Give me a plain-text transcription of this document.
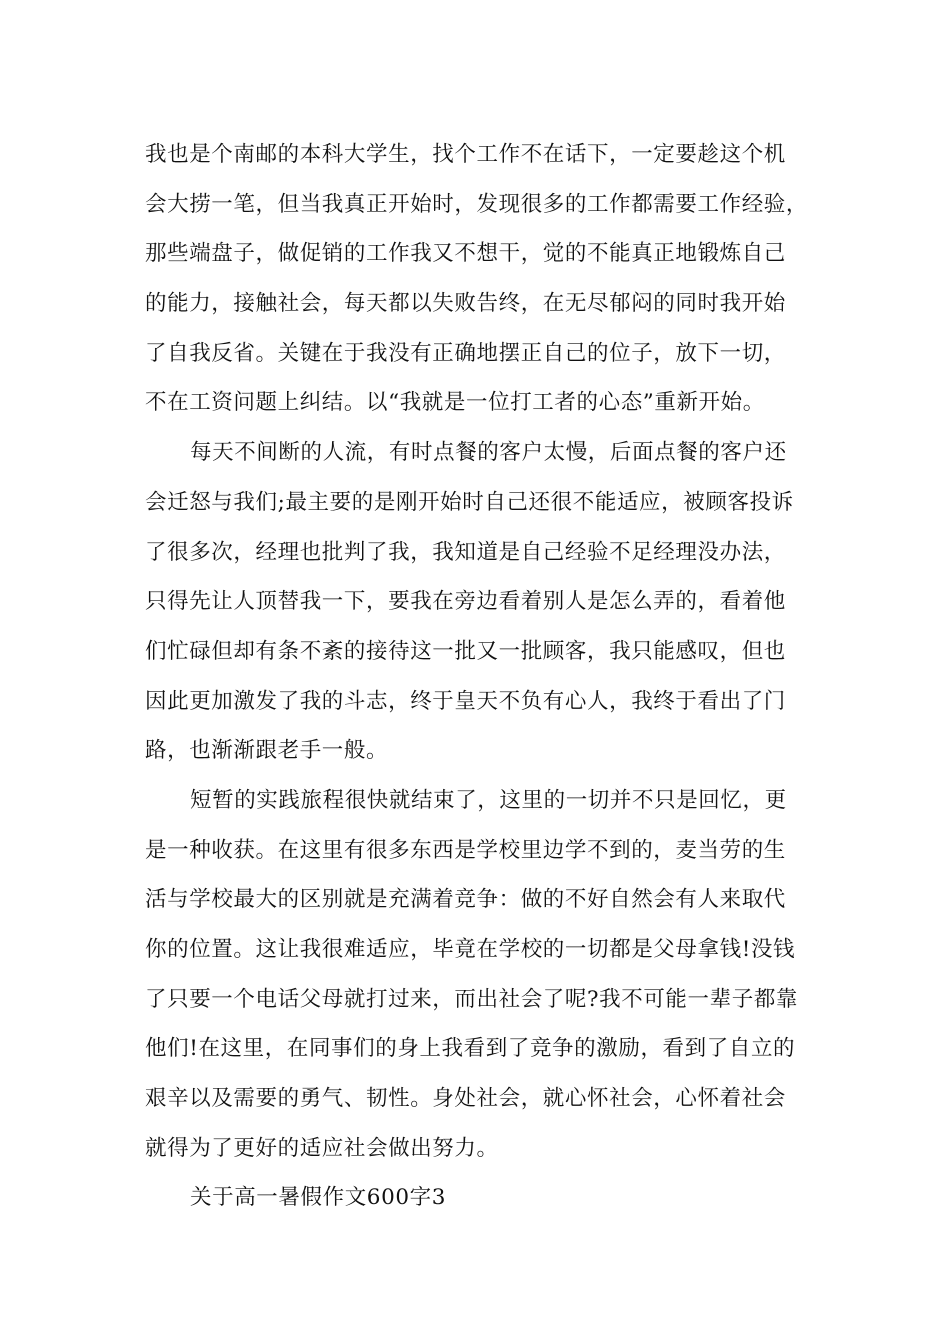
我也是个南邮的本科大学生，找个工作不在话下，一定要趁这个机
会大捞一笔，但当我真正开始时，发现很多的工作都需要工作经验，
那些端盘子，做促销的工作我又不想干，觉的不能真正地锻炼自己
的能力，接触社会，每天都以失败告终，在无尽郁闷的同时我开始
了自我反省。关键在于我没有正确地摆正自己的位子，放下一切，
不在工资问题上纠结。以“我就是一位打工者的心态”重新开始。
每天不间断的人流，有时点餐的客户太慢，后面点餐的客户还
会迁怒与我们;最主要的是刚开始时自己还很不能适应，被顾客投诉
了很多次，经理也批判了我，我知道是自己经验不足经理没办法，
只得先让人顶替我一下，要我在旁边看着别人是怎么弄的，看着他
们忙碌但却有条不紊的接待这一批又一批顾客，我只能感叹，但也
因此更加激发了我的斗志，终于皇天不负有心人，我终于看出了门
路，也渐渐跟老手一般。
短暂的实践旅程很快就结束了，这里的一切并不只是回忆，更
是一种收获。在这里有很多东西是学校里边学不到的，麦当劳的生
活与学校最大的区别就是充满着竞争：做的不好自然会有人来取代
你的位置。这让我很难适应，毕竟在学校的一切都是父母拿钱!没钱
了只要一个电话父母就打过来，而出社会了呢?我不可能一辈子都靠
他们!在这里，在同事们的身上我看到了竞争的激励，看到了自立的
艰辛以及需要的勇气、韧性。身处社会，就心怀社会，心怀着社会
就得为了更好的适应社会做出努力。
关于高一暑假作文600字3
